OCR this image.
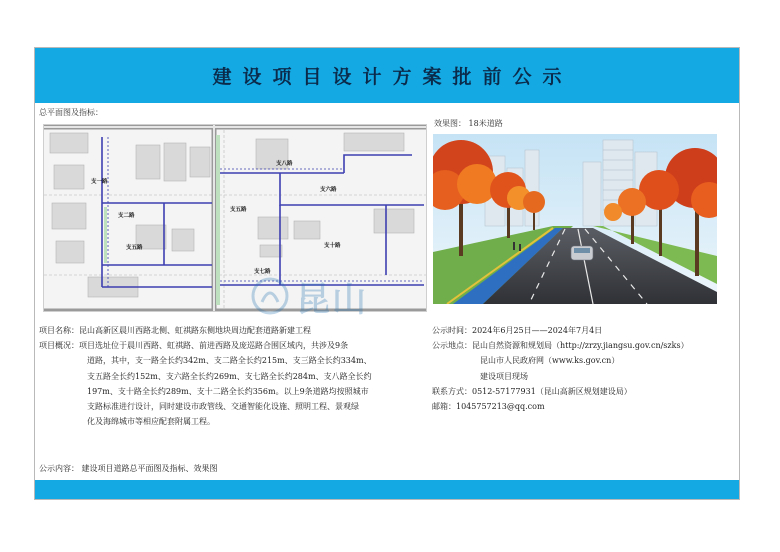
建设项目设计方案批前公示
总平面图及指标：
效果图： 18米道路
支一路
支二路
支五路
支八路
支六路
支五路
支十路
支七路
昆山
项目名称： 昆山高新区晨川西路北侧、虹祺路东侧地块周边配套道路新建工程
项目概况： 项目选址位于晨川西路、虹祺路、前进西路及庞巡路合围区域内，共涉及9条
道路，其中，支一路全长约342m、支二路全长约215m、支三路全长约334m、
支五路全长约152m、支六路全长约269m、支七路全长约284m、支八路全长约
197m、支十路全长约289m、支十二路全长约356m。以上9条道路均按照城市
支路标准进行设计，同时建设市政管线、交通智能化设施、照明工程、景观绿
化及海绵城市等相应配套附属工程。
公示内容： 建设项目道路总平面图及指标、效果图
公示时间： 2024年6月25日——2024年7月4日
公示地点： 昆山自然资源和规划局（http://zrzy.jiangsu.gov.cn/szks）
昆山市人民政府网（www.ks.gov.cn）
建设项目现场
联系方式： 0512-57177931（昆山高新区规划建设局）
邮箱： 1045757213@qq.com
